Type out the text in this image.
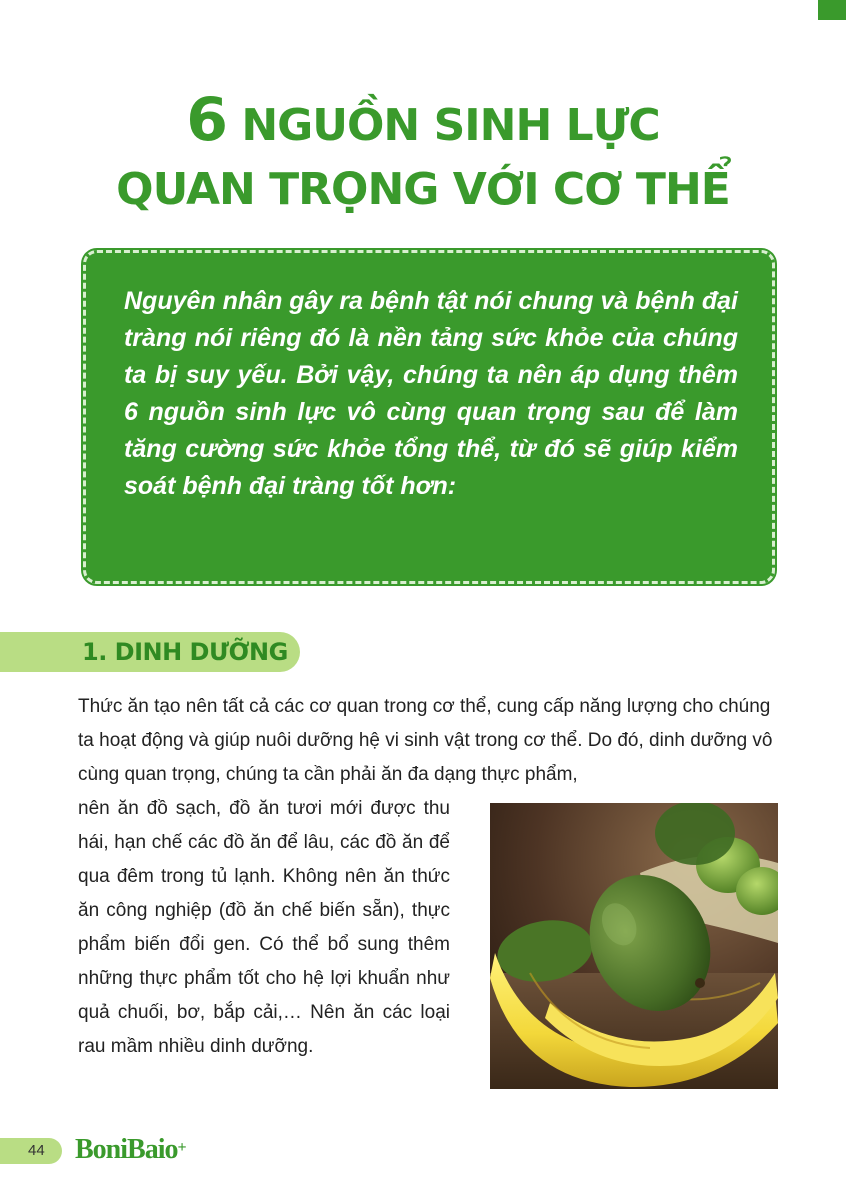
6 NGUỒN SINH LỰC
QUAN TRỌNG VỚI CƠ THỂ

Nguyên nhân gây ra bệnh tật nói chung và bệnh đại tràng nói riêng đó là nền tảng sức khỏe của chúng ta bị suy yếu. Bởi vậy, chúng ta nên áp dụng thêm 6 nguồn sinh lực vô cùng quan trọng sau để làm tăng cường sức khỏe tổng thể, từ đó sẽ giúp kiểm soát bệnh đại tràng tốt hơn:

1. DINH DƯỠNG

Thức ăn tạo nên tất cả các cơ quan trong cơ thể, cung cấp năng lượng cho chúng ta hoạt động và giúp nuôi dưỡng hệ vi sinh vật trong cơ thể. Do đó, dinh dưỡng vô cùng quan trọng, chúng ta cần phải ăn đa dạng thực phẩm,

nên ăn đồ sạch, đồ ăn tươi mới được thu hái, hạn chế các đồ ăn để lâu, các đồ ăn để qua đêm trong tủ lạnh. Không nên ăn thức ăn công nghiệp (đồ ăn chế biến sẵn), thực phẩm biến đổi gen. Có thể bổ sung thêm những thực phẩm tốt cho hệ lợi khuẩn như quả chuối, bơ, bắp cải,… Nên ăn các loại rau mầm nhiều dinh dưỡng.

44 BoniBaio+
